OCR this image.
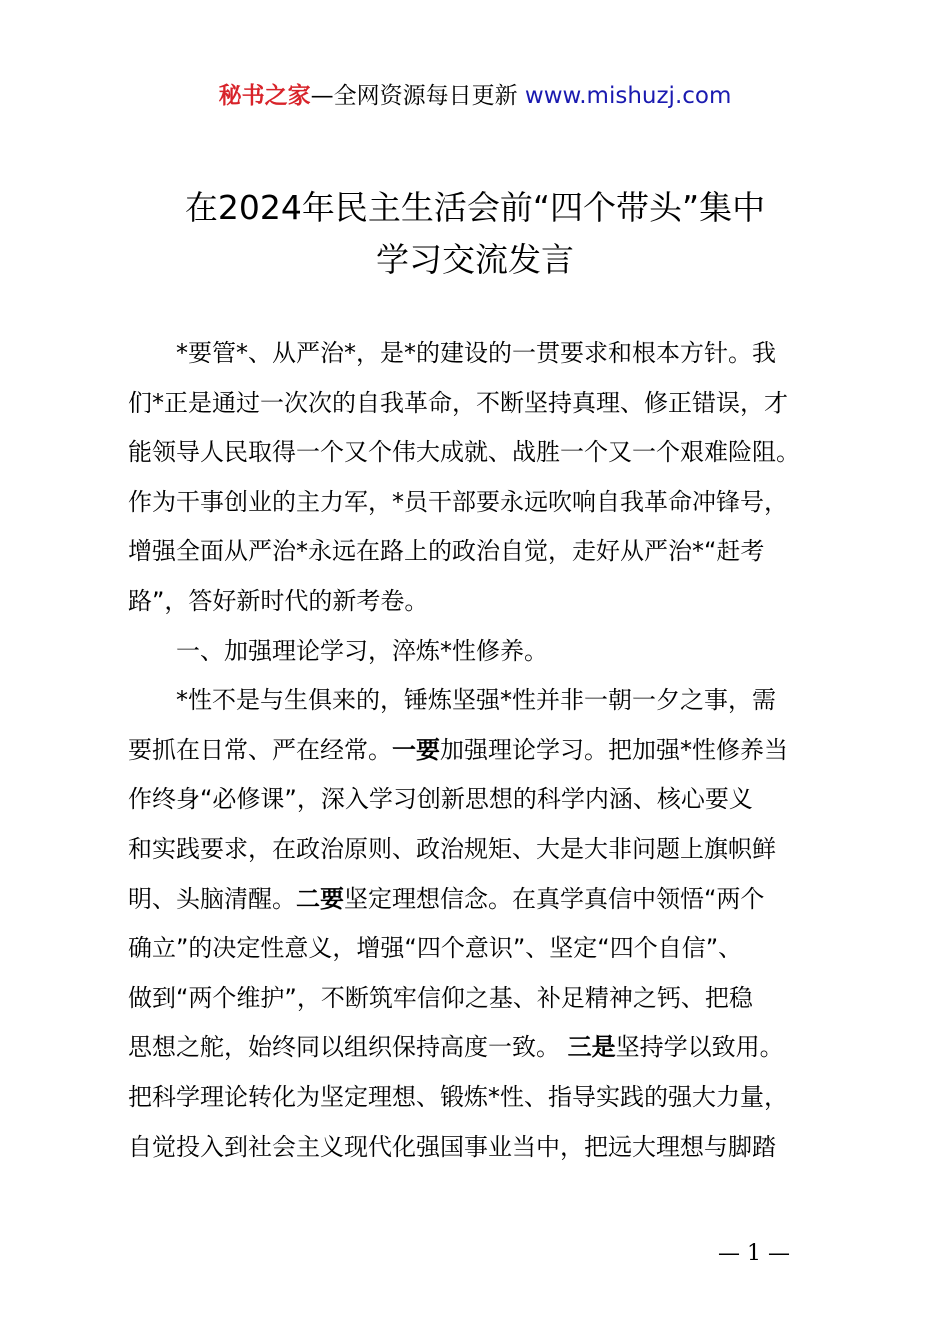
秘书之家—全网资源每日更新 www.mishuzj.com
在2024年民主生活会前“四个带头”集中
学习交流发言
*要管*、从严治*，是*的建设的一贯要求和根本方针。我
们*正是通过一次次的自我革命，不断坚持真理、修正错误，才
能领导人民取得一个又个伟大成就、战胜一个又一个艰难险阻。
作为干事创业的主力军，*员干部要永远吹响自我革命冲锋号，
增强全面从严治*永远在路上的政治自觉，走好从严治*“赶考
路”，答好新时代的新考卷。
一、加强理论学习，淬炼*性修养。
*性不是与生俱来的，锤炼坚强*性并非一朝一夕之事，需
要抓在日常、严在经常。一要加强理论学习。把加强*性修养当
作终身“必修课”，深入学习创新思想的科学内涵、核心要义
和实践要求，在政治原则、政治规矩、大是大非问题上旗帜鲜
明、头脑清醒。二要坚定理想信念。在真学真信中领悟“两个
确立”的决定性意义，增强“四个意识”、坚定“四个自信”、
做到“两个维护”，不断筑牢信仰之基、补足精神之钙、把稳
思想之舵，始终同以组织保持高度一致。 三是坚持学以致用。
把科学理论转化为坚定理想、锻炼*性、指导实践的强大力量，
自觉投入到社会主义现代化强国事业当中，把远大理想与脚踏
— 1 —
